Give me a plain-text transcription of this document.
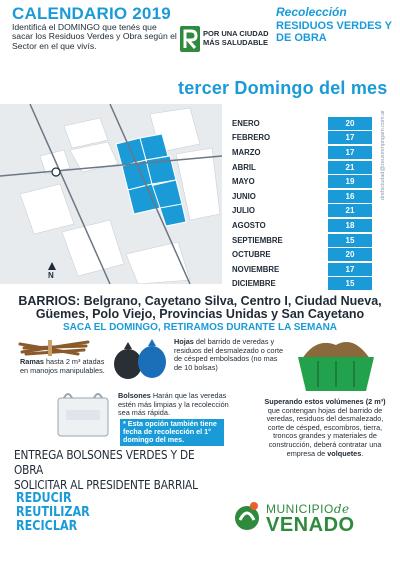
CALENDARIO 2019
Identificá el DOMINGO que tenés que sacar los Residuos Verdes y Obra según el Sector en el que vivís.
POR UNA CIUDAD
MÁS SALUDABLE
Recolección
RESIDUOS VERDES Y DE OBRA
tercer Domingo del mes
N
ENERO	20
FEBRERO	17
MARZO	17
ABRIL	21
MAYO	19
JUNIO	16
JULIO	21
AGOSTO	18
SEPTIEMBRE	15
OCTUBRE	20
NOVIEMBRE	17
DICIEMBRE	15
drefsciudad@zeusmmpngam.com.ar
BARRIOS: Belgrano, Cayetano Silva, Centro I, Ciudad Nueva,
Güemes, Polo Viejo, Provincias Unidas y San Cayetano
SACA EL DOMINGO, RETIRAMOS DURANTE LA SEMANA
Ramas hasta 2 m³ atadas en manojos manipulables.
Hojas del barrido de veredas y residuos del desmalezado o corte de césped embolsados (no mas de 10 bolsas)
Bolsones Harán que las veredas estén más limpias y la recolección sea más rápida.
* Esta opción también tiene fecha de recolección el 1° domingo del mes.
Superando estos volúmenes (2 m³) que contengan hojas del barrido de veredas, residuos del desmalezado, corte de césped, escombros, tierra, troncos grandes y materiales de construcción, deberá contratar una empresa de volquetes.
ENTREGA BOLSONES VERDES Y DE OBRA
SOLICITAR AL PRESIDENTE BARRIAL
REDUCIR
REUTILIZAR
RECICLAR
MUNICIPIOde
VENADO
